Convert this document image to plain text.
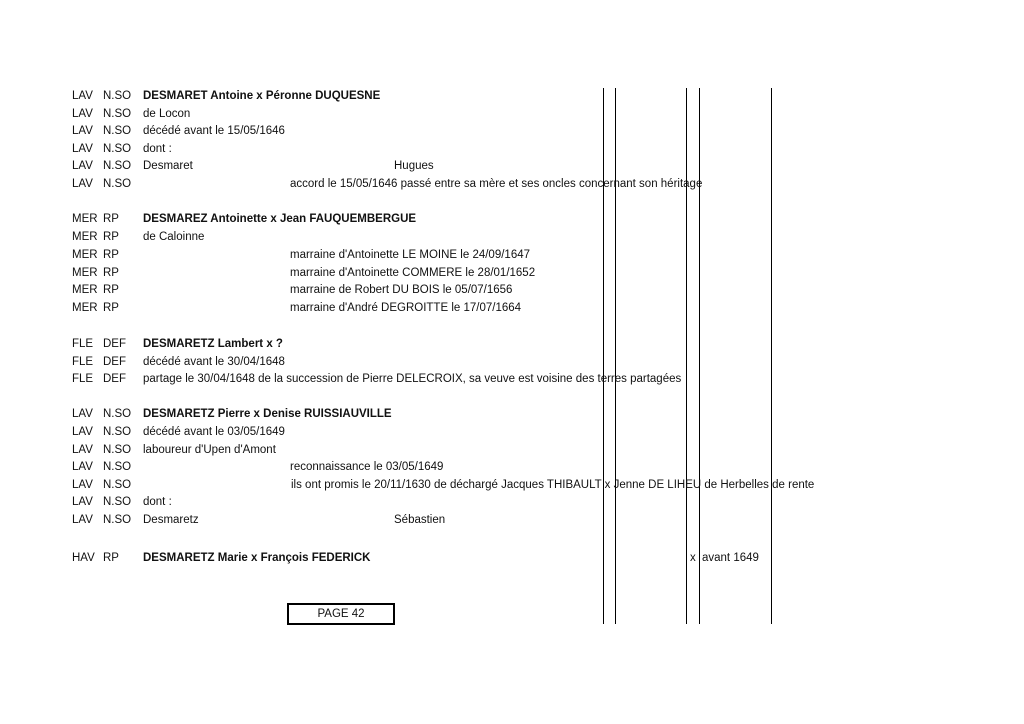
LAV N.SO DESMARET Antoine x Péronne DUQUESNE
LAV N.SO de Locon
LAV N.SO décédé avant le 15/05/1646
LAV N.SO dont :
LAV N.SO Desmaret	Hugues
LAV N.SO	accord le 15/05/1646 passé entre sa mère et ses oncles concernant son héritage
MER RP DESMAREZ Antoinette x Jean FAUQUEMBERGUE
MER RP de Caloinne
MER RP	marraine d'Antoinette LE MOINE le 24/09/1647
MER RP	marraine d'Antoinette COMMERE le 28/01/1652
MER RP	marraine de Robert DU BOIS le 05/07/1656
MER RP	marraine d'André DEGROITTE le 17/07/1664
FLE DEF DESMARETZ Lambert x ?
FLE DEF décédé avant le 30/04/1648
FLE DEF partage le 30/04/1648 de la succession de Pierre DELECROIX, sa veuve est voisine des terres partagées
LAV N.SO DESMARETZ Pierre x Denise RUISSIAUVILLE
LAV N.SO décédé avant le 03/05/1649
LAV N.SO laboureur d'Upen d'Amont
LAV N.SO	reconnaissance le 03/05/1649
LAV N.SO	ils ont promis le 20/11/1630 de déchargé Jacques THIBAULT x Jenne DE LIHEU de Herbelles de rente
LAV N.SO dont :
LAV N.SO Desmaretz	Sébastien
HAV RP DESMARETZ Marie x François FEDERICK	x avant 1649
PAGE 42
